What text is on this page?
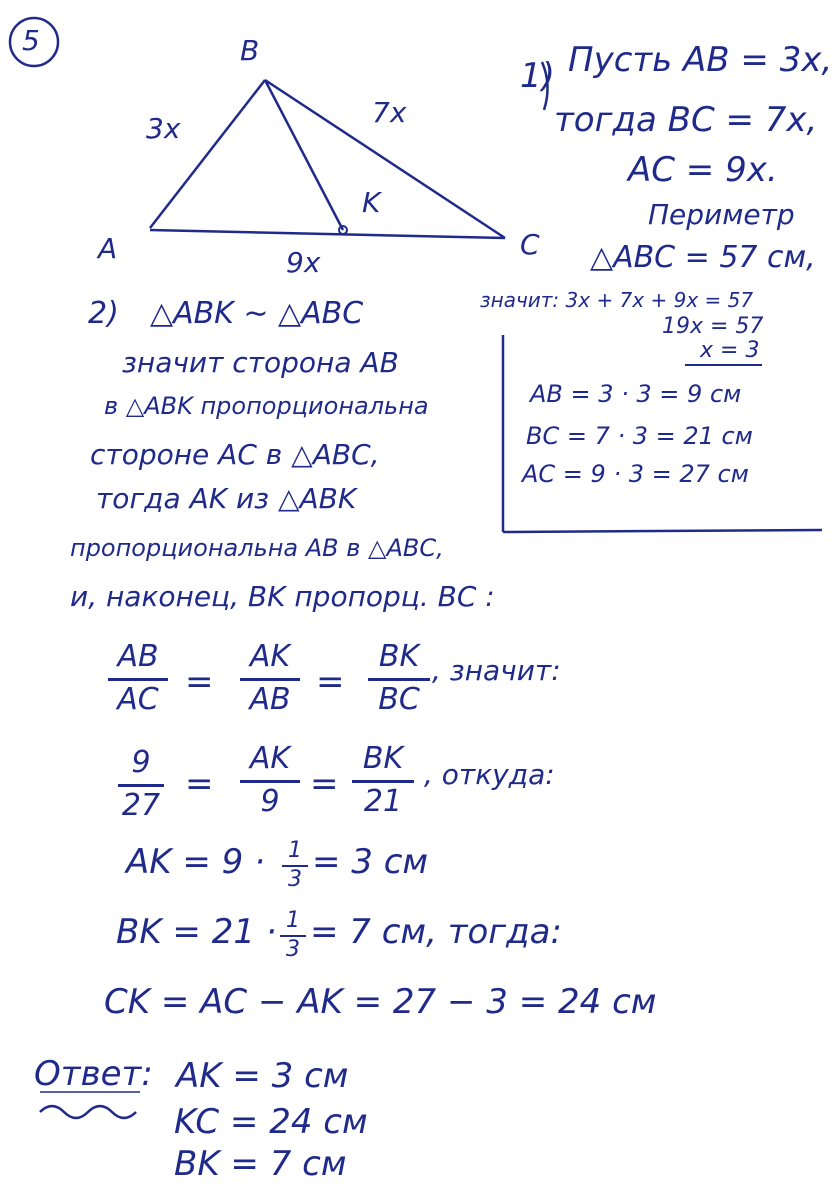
5	B
A	C
K
3x	7x
9x
1) Пусть AB = 3x,
тогда BC = 7x,
AC = 9x.
Периметр
△ABC = 57 см,
значит: 3x + 7x + 9x = 57
19x = 57
x = 3
AB = 3 · 3 = 9 см
BC = 7 · 3 = 21 см
AC = 9 · 3 = 27 см
2) △ABK ∼ △ABC
значит сторона AB
в △ABK пропорциональна
стороне AC в △ABC,
тогда AK из △ABK
пропорциональна AB в △ABC,
и, наконец, BK пропорц. BC :
AB
AC =
AK
AB =
BK
BC
, значит:
9
27
=
AK
9 =
BK
21
, откуда:
AK = 9 · 1
3 = 3 см
BK = 21 · 1
3 = 7 см, тогда:
CK = AC − AK = 27 − 3 = 24 см
Ответ: AK = 3 см
KC = 24 см
BK = 7 см
